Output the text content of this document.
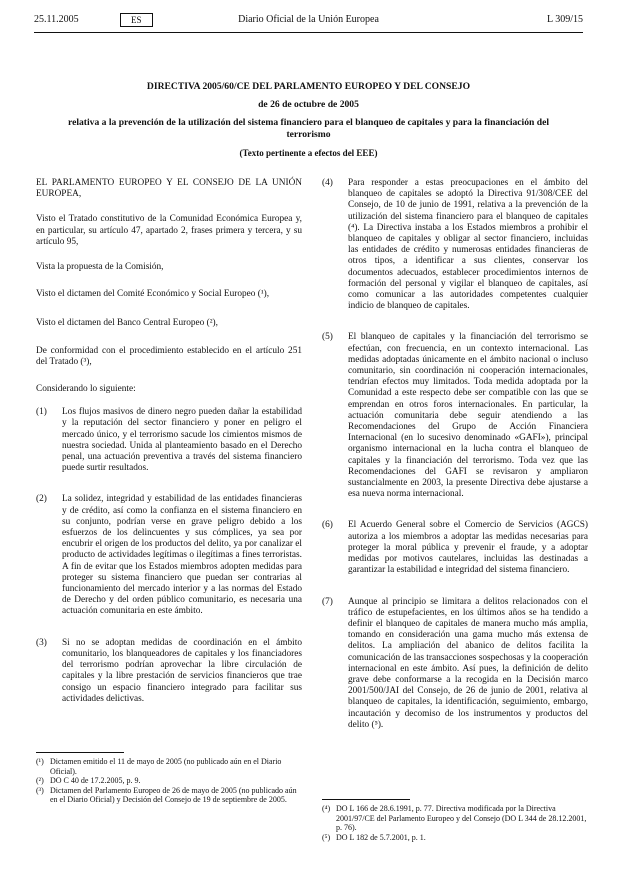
25.11.2005	ES	Diario Oficial de la Unión Europea	L 309/15
DIRECTIVA 2005/60/CE DEL PARLAMENTO EUROPEO Y DEL CONSEJO
de 26 de octubre de 2005
relativa a la prevención de la utilización del sistema financiero para el blanqueo de capitales y para la financiación del terrorismo
(Texto pertinente a efectos del EEE)

EL PARLAMENTO EUROPEO Y EL CONSEJO DE LA UNIÓN EUROPEA,

Visto el Tratado constitutivo de la Comunidad Económica Europea y, en particular, su artículo 47, apartado 2, frases primera y tercera, y su artículo 95,

Vista la propuesta de la Comisión,

Visto el dictamen del Comité Económico y Social Europeo (¹),

Visto el dictamen del Banco Central Europeo (²),

De conformidad con el procedimiento establecido en el artículo 251 del Tratado (³),

Considerando lo siguiente:

(1) Los flujos masivos de dinero negro pueden dañar la estabilidad y la reputación del sector financiero y poner en peligro el mercado único, y el terrorismo sacude los cimientos mismos de nuestra sociedad. Unida al planteamiento basado en el Derecho penal, una actuación preventiva a través del sistema financiero puede surtir resultados.

(2) La solidez, integridad y estabilidad de las entidades financieras y de crédito, así como la confianza en el sistema financiero en su conjunto, podrían verse en grave peligro debido a los esfuerzos de los delincuentes y sus cómplices, ya sea por encubrir el origen de los productos del delito, ya por canalizar el producto de actividades legítimas o ilegítimas a fines terroristas. A fin de evitar que los Estados miembros adopten medidas para proteger su sistema financiero que puedan ser contrarias al funcionamiento del mercado interior y a las normas del Estado de Derecho y del orden público comunitario, es necesaria una actuación comunitaria en este ámbito.

(3) Si no se adoptan medidas de coordinación en el ámbito comunitario, los blanqueadores de capitales y los financiadores del terrorismo podrían aprovechar la libre circulación de capitales y la libre prestación de servicios financieros que trae consigo un espacio financiero integrado para facilitar sus actividades delictivas.

(¹) Dictamen emitido el 11 de mayo de 2005 (no publicado aún en el Diario Oficial).

(²) DO C 40 de 17.2.2005, p. 9.

(³) Dictamen del Parlamento Europeo de 26 de mayo de 2005 (no publicado aún en el Diario Oficial) y Decisión del Consejo de 19 de septiembre de 2005.

(4) Para responder a estas preocupaciones en el ámbito del blanqueo de capitales se adoptó la Directiva 91/308/CEE del Consejo, de 10 de junio de 1991, relativa a la prevención de la utilización del sistema financiero para el blanqueo de capitales (⁴). La Directiva instaba a los Estados miembros a prohibir el blanqueo de capitales y obligar al sector financiero, incluidas las entidades de crédito y numerosas entidades financieras de otros tipos, a identificar a sus clientes, conservar los documentos adecuados, establecer procedimientos internos de formación del personal y vigilar el blanqueo de capitales, así como comunicar a las autoridades competentes cualquier indicio de blanqueo de capitales.

(5) El blanqueo de capitales y la financiación del terrorismo se efectúan, con frecuencia, en un contexto internacional. Las medidas adoptadas únicamente en el ámbito nacional o incluso comunitario, sin coordinación ni cooperación internacionales, tendrían efectos muy limitados. Toda medida adoptada por la Comunidad a este respecto debe ser compatible con las que se emprendan en otros foros internacionales. En particular, la actuación comunitaria debe seguir atendiendo a las Recomendaciones del Grupo de Acción Financiera Internacional (en lo sucesivo denominado «GAFI»), principal organismo internacional en la lucha contra el blanqueo de capitales y la financiación del terrorismo. Toda vez que las Recomendaciones del GAFI se revisaron y ampliaron sustancialmente en 2003, la presente Directiva debe ajustarse a esa nueva norma internacional.

(6) El Acuerdo General sobre el Comercio de Servicios (AGCS) autoriza a los miembros a adoptar las medidas necesarias para proteger la moral pública y prevenir el fraude, y a adoptar medidas por motivos cautelares, incluidas las destinadas a garantizar la estabilidad e integridad del sistema financiero.

(7) Aunque al principio se limitara a delitos relacionados con el tráfico de estupefacientes, en los últimos años se ha tendido a definir el blanqueo de capitales de manera mucho más amplia, tomando en consideración una gama mucho más extensa de delitos. La ampliación del abanico de delitos facilita la comunicación de las transacciones sospechosas y la cooperación internacional en este ámbito. Así pues, la definición de delito grave debe conformarse a la recogida en la Decisión marco 2001/500/JAI del Consejo, de 26 de junio de 2001, relativa al blanqueo de capitales, la identificación, seguimiento, embargo, incautación y decomiso de los instrumentos y productos del delito (⁵).

(⁴) DO L 166 de 28.6.1991, p. 77. Directiva modificada por la Directiva 2001/97/CE del Parlamento Europeo y del Consejo (DO L 344 de 28.12.2001, p. 76).

(⁵) DO L 182 de 5.7.2001, p. 1.
